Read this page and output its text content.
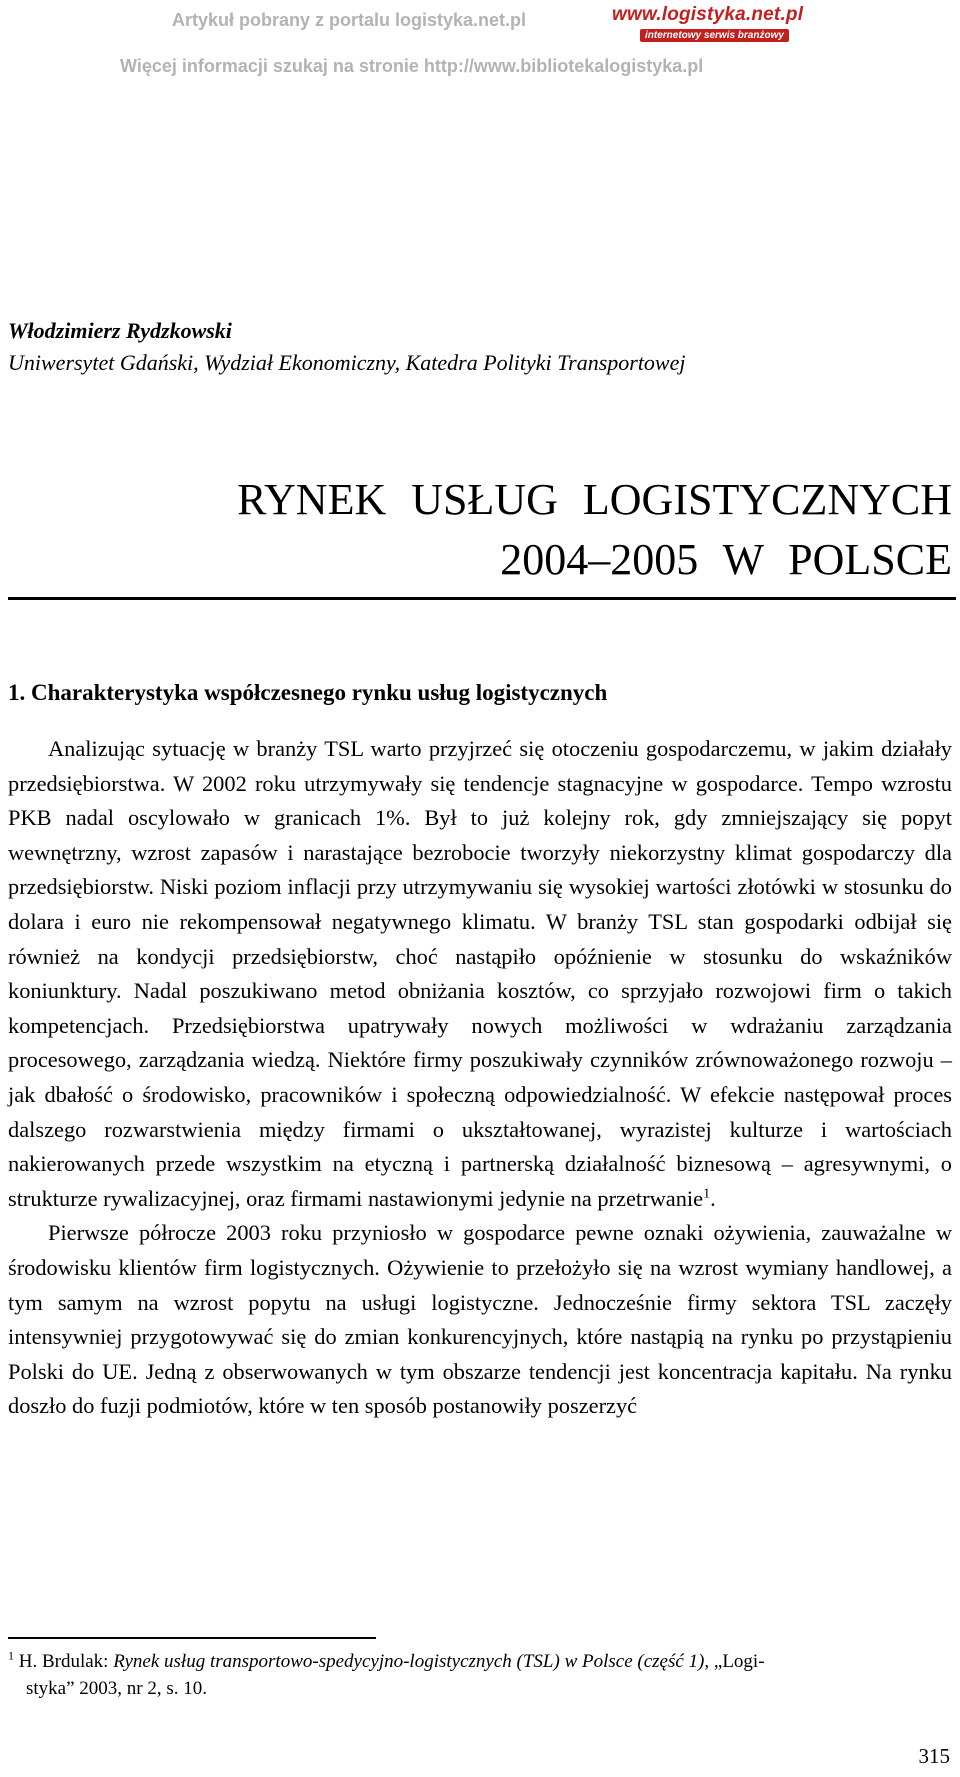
Artykuł pobrany z portalu logistyka.net.pl
Więcej informacji szukaj na stronie http://www.bibliotekalogistyka.pl
www.logistyka.net.pl
internetowy serwis branżowy
Włodzimierz Rydzkowski
Uniwersytet Gdański, Wydział Ekonomiczny, Katedra Polityki Transportowej
RYNEK USŁUG LOGISTYCZNYCH
2004–2005 W POLSCE
1. Charakterystyka współczesnego rynku usług logistycznych

Analizując sytuację w branży TSL warto przyjrzeć się otoczeniu gospodarczemu, w jakim działały przedsiębiorstwa. W 2002 roku utrzymywały się tendencje stagnacyjne w gospodarce. Tempo wzrostu PKB nadal oscylowało w granicach 1%. Był to już kolejny rok, gdy zmniejszający się popyt wewnętrzny, wzrost zapasów i narastające bezrobocie tworzyły niekorzystny klimat gospodarczy dla przedsiębiorstw. Niski poziom inflacji przy utrzymywaniu się wysokiej wartości złotówki w stosunku do dolara i euro nie rekompensował negatywnego klimatu. W branży TSL stan gospodarki odbijał się również na kondycji przedsiębiorstw, choć nastąpiło opóźnienie w stosunku do wskaźników koniunktury. Nadal poszukiwano metod obniżania kosztów, co sprzyjało rozwojowi firm o takich kompetencjach. Przedsiębiorstwa upatrywały nowych możliwości w wdrażaniu zarządzania procesowego, zarządzania wiedzą. Niektóre firmy poszukiwały czynników zrównoważonego rozwoju – jak dbałość o środowisko, pracowników i społeczną odpowiedzialność. W efekcie następował proces dalszego rozwarstwienia między firmami o ukształtowanej, wyrazistej kulturze i wartościach nakierowanych przede wszystkim na etyczną i partnerską działalność biznesową – agresywnymi, o strukturze rywalizacyjnej, oraz firmami nastawionymi jedynie na przetrwanie$^1$.

Pierwsze półrocze 2003 roku przyniosło w gospodarce pewne oznaki ożywienia, zauważalne w środowisku klientów firm logistycznych. Ożywienie to przełożyło się na wzrost wymiany handlowej, a tym samym na wzrost popytu na usługi logistyczne. Jednocześnie firmy sektora TSL zaczęły intensywniej przygotowywać się do zmian konkurencyjnych, które nastąpią na rynku po przystąpieniu Polski do UE. Jedną z obserwowanych w tym obszarze tendencji jest koncentracja kapitału. Na rynku doszło do fuzji podmiotów, które w ten sposób postanowiły poszerzyć

$^1$ H. Brdulak: Rynek usług transportowo-spedycyjno-logistycznych (TSL) w Polsce (część 1), „Logi-
styka” 2003, nr 2, s. 10.
315
